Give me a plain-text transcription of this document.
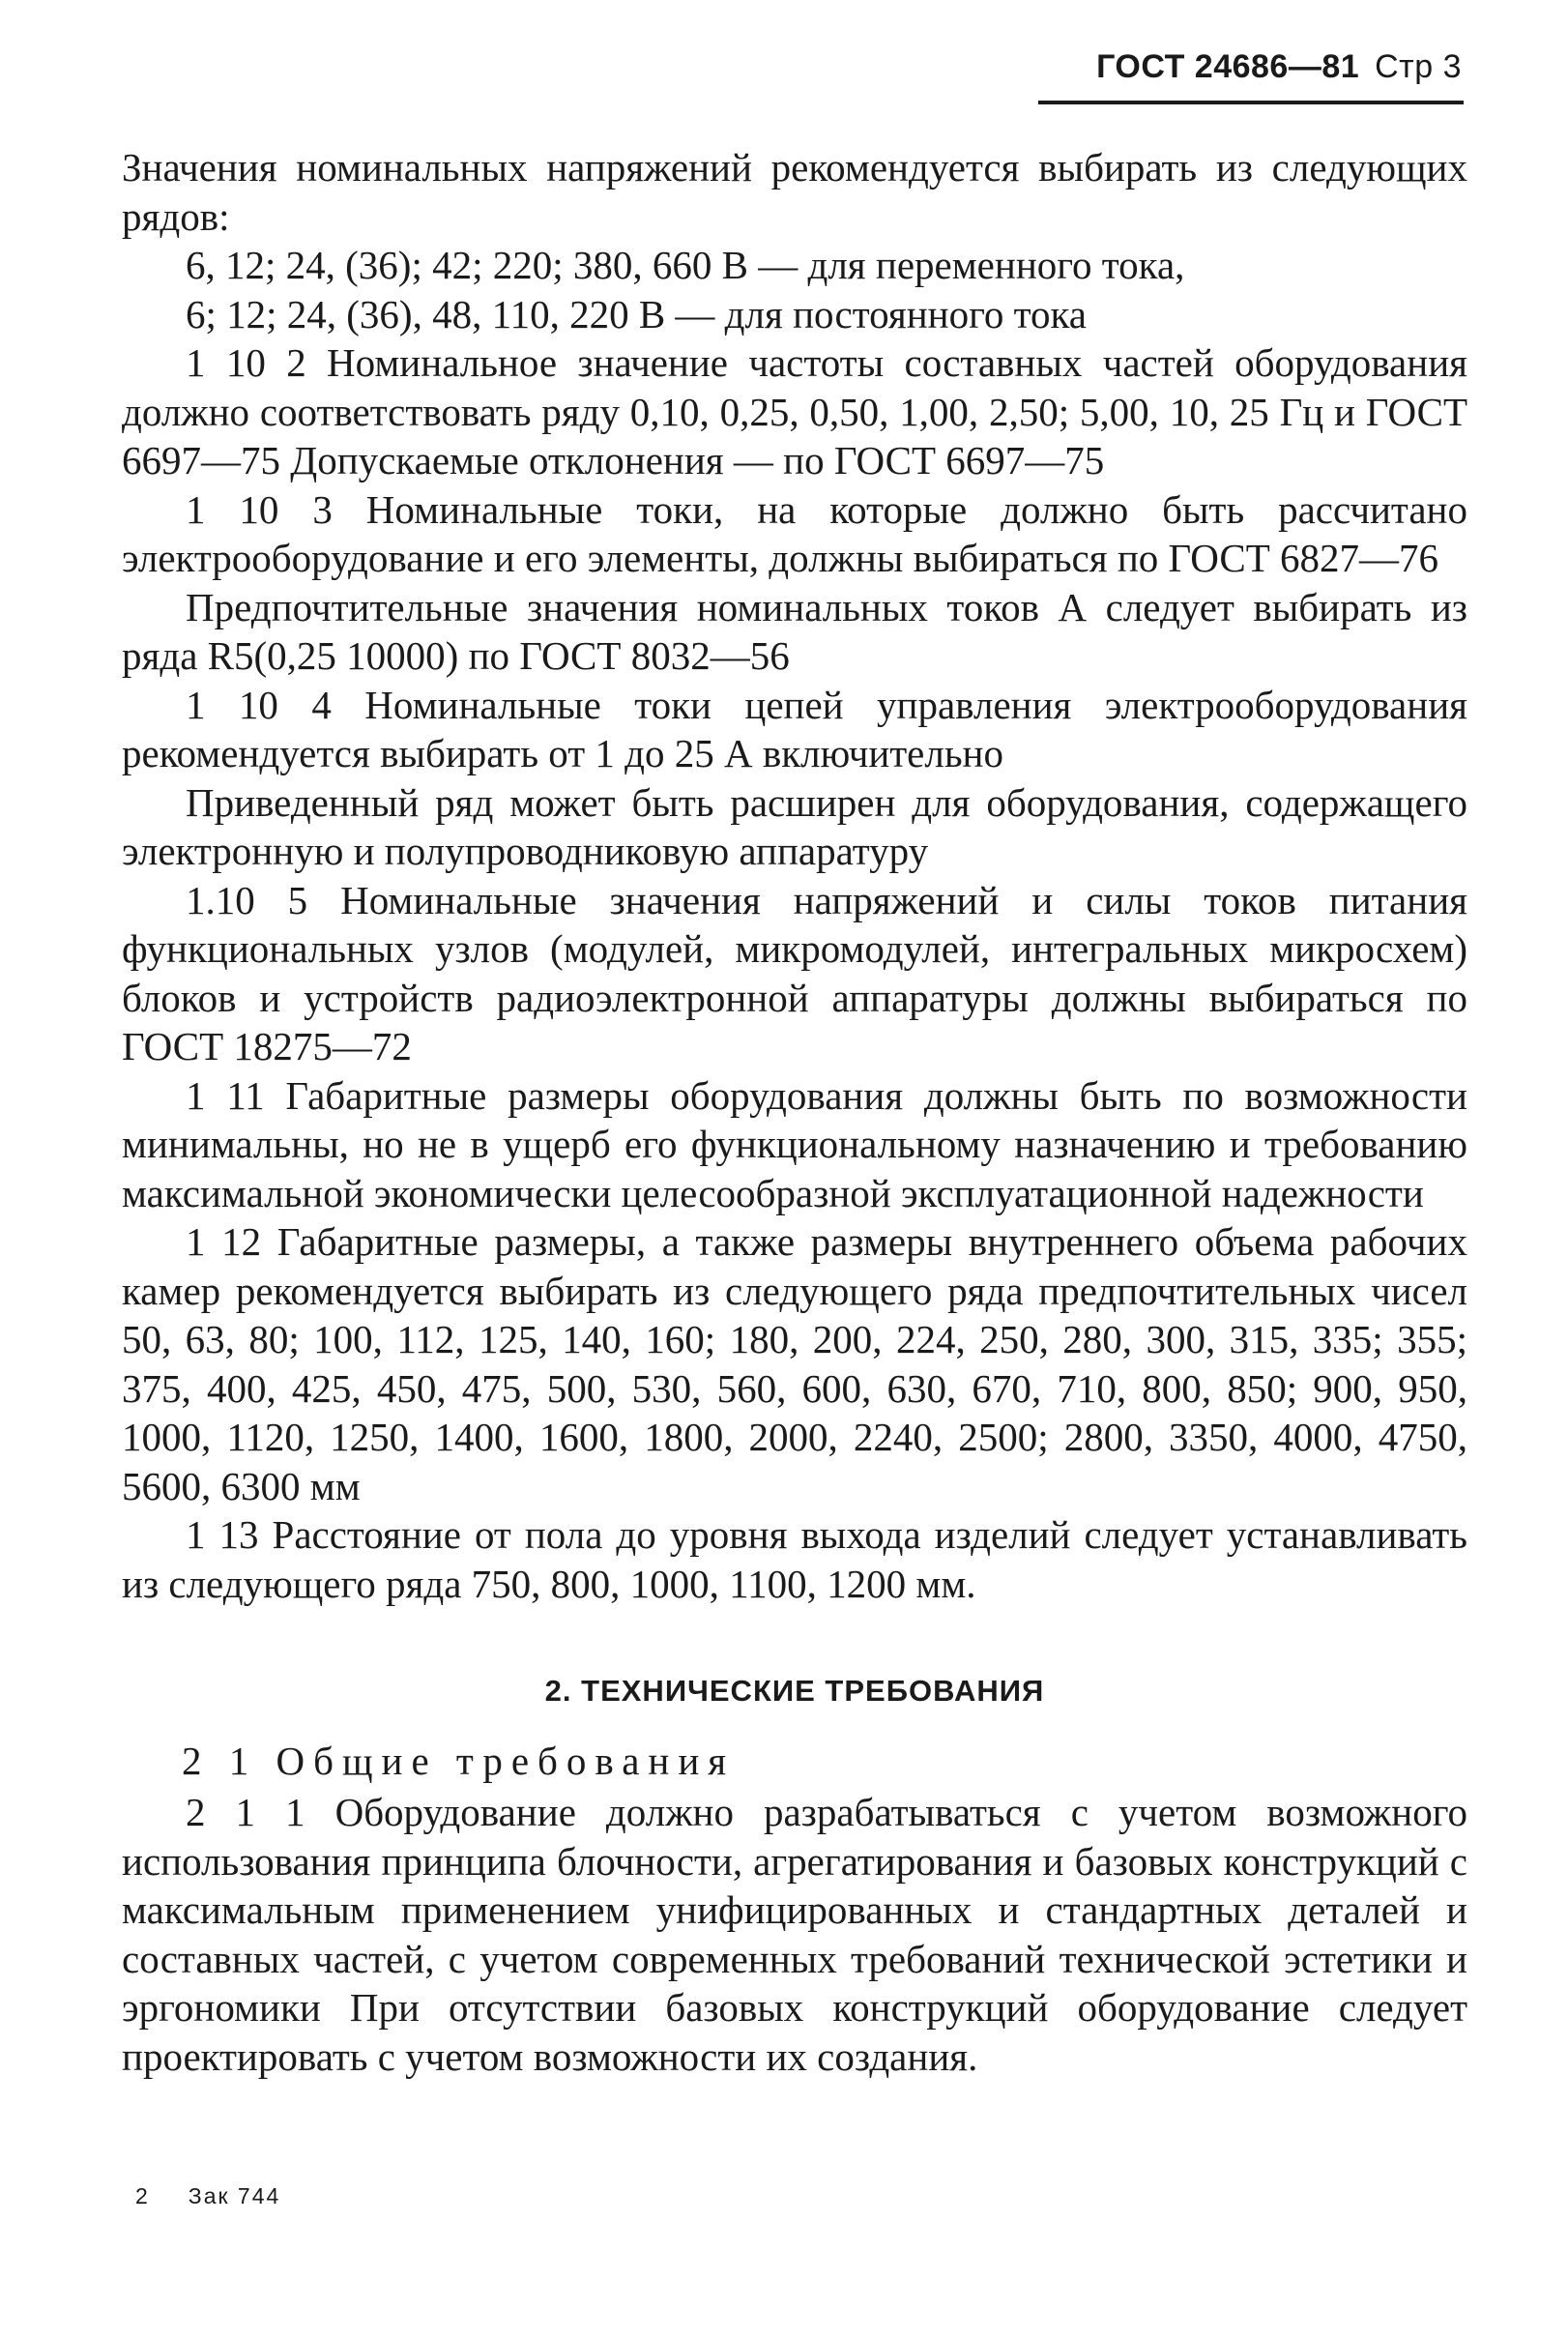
ГОСТ 24686—81 Стр 3

Значения номинальных напряжений рекомендуется выбирать из следующих рядов:

6, 12; 24, (36); 42; 220; 380, 660 В — для переменного тока,

6; 12; 24, (36), 48, 110, 220 В — для постоянного тока

1 10 2 Номинальное значение частоты составных частей оборудования должно соответствовать ряду 0,10, 0,25, 0,50, 1,00, 2,50; 5,00, 10, 25 Гц и ГОСТ 6697—75 Допускаемые отклонения — по ГОСТ 6697—75

1 10 3 Номинальные токи, на которые должно быть рассчитано электрооборудование и его элементы, должны выбираться по ГОСТ 6827—76

Предпочтительные значения номинальных токов А следует выбирать из ряда R5(0,25 10000) по ГОСТ 8032—56

1 10 4 Номинальные токи цепей управления электрооборудования рекомендуется выбирать от 1 до 25 А включительно

Приведенный ряд может быть расширен для оборудования, содержащего электронную и полупроводниковую аппаратуру

1.10 5 Номинальные значения напряжений и силы токов питания функциональных узлов (модулей, микромодулей, интегральных микросхем) блоков и устройств радиоэлектронной аппаратуры должны выбираться по ГОСТ 18275—72

1 11 Габаритные размеры оборудования должны быть по возможности минимальны, но не в ущерб его функциональному назначению и требованию максимальной экономически целесообразной эксплуатационной надежности

1 12 Габаритные размеры, а также размеры внутреннего объема рабочих камер рекомендуется выбирать из следующего ряда предпочтительных чисел 50, 63, 80; 100, 112, 125, 140, 160; 180, 200, 224, 250, 280, 300, 315, 335; 355; 375, 400, 425, 450, 475, 500, 530, 560, 600, 630, 670, 710, 800, 850; 900, 950, 1000, 1120, 1250, 1400, 1600, 1800, 2000, 2240, 2500; 2800, 3350, 4000, 4750, 5600, 6300 мм

1 13 Расстояние от пола до уровня выхода изделий следует устанавливать из следующего ряда 750, 800, 1000, 1100, 1200 мм.

2. ТЕХНИЧЕСКИЕ ТРЕБОВАНИЯ
2 1 Общие требования

2 1 1 Оборудование должно разрабатываться с учетом возможного использования принципа блочности, агрегатирования и базовых конструкций с максимальным применением унифицированных и стандартных деталей и составных частей, с учетом современных требований технической эстетики и эргономики При отсутствии базовых конструкций оборудование следует проектировать с учетом возможности их создания.

2 Зак 744
